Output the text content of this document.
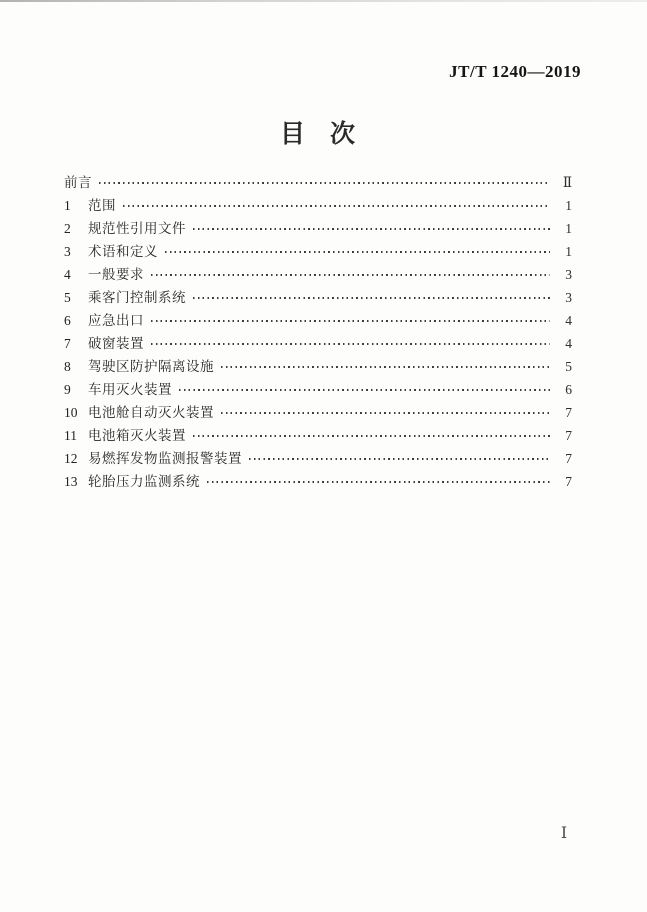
JT/T 1240—2019
目　次
前言	Ⅱ
1	范围	1
2	规范性引用文件	1
3	术语和定义	1
4	一般要求	3
5	乘客门控制系统	3
6	应急出口	4
7	破窗装置	4
8	驾驶区防护隔离设施	5
9	车用灭火装置	6
10 电池舱自动灭火装置	7
11 电池箱灭火装置	7
12 易燃挥发物监测报警装置	7
13 轮胎压力监测系统	7
Ⅰ
